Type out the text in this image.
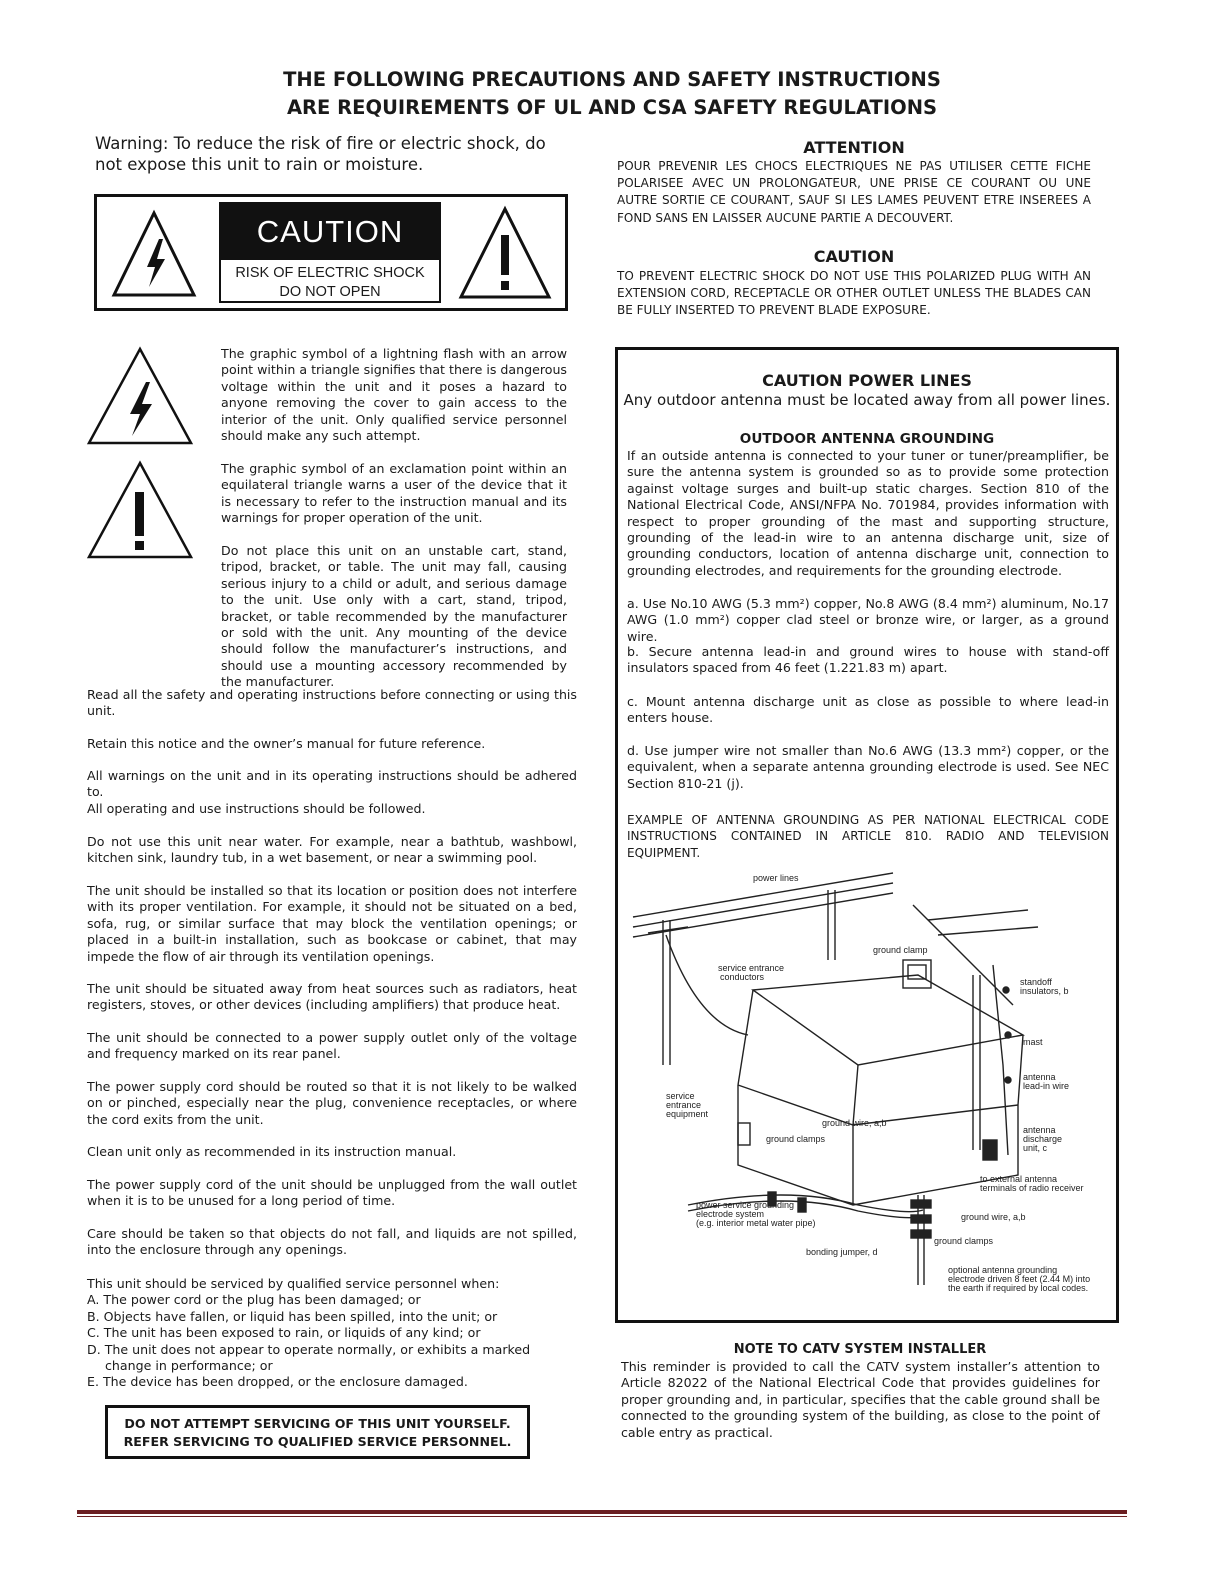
THE FOLLOWING PRECAUTIONS AND SAFETY INSTRUCTIONS
ARE REQUIREMENTS OF UL AND CSA SAFETY REGULATIONS
Warning: To reduce the risk of fire or electric shock, do not expose this unit to rain or moisture.
CAUTION
RISK OF ELECTRIC SHOCK
DO NOT OPEN
The graphic symbol of a lightning flash with an arrow point within a triangle signifies that there is dangerous voltage within the unit and it poses a hazard to anyone removing the cover to gain access to the interior of the unit. Only qualified service personnel should make any such attempt.
The graphic symbol of an exclamation point within an equilateral triangle warns a user of the device that it is necessary to refer to the instruction manual and its warnings for proper operation of the unit.
Do not place this unit on an unstable cart, stand, tripod, bracket, or table. The unit may fall, causing serious injury to a child or adult, and serious damage to the unit. Use only with a cart, stand, tripod, bracket, or table recommended by the manufacturer or sold with the unit. Any mounting of the device should follow the manufacturer’s instructions, and should use a mounting accessory recommended by the manufacturer.
Read all the safety and operating instructions before connecting or using this unit.
Retain this notice and the owner’s manual for future reference.
All warnings on the unit and in its operating instructions should be adhered to.
All operating and use instructions should be followed.
Do not use this unit near water. For example, near a bathtub, washbowl, kitchen sink, laundry tub, in a wet basement, or near a swimming pool.
The unit should be installed so that its location or position does not interfere with its proper ventilation. For example, it should not be situated on a bed, sofa, rug, or similar surface that may block the ventilation openings; or placed in a built-in installation, such as bookcase or cabinet, that may impede the flow of air through its ventilation openings.
The unit should be situated away from heat sources such as radiators, heat registers, stoves, or other devices (including amplifiers) that produce heat.
The unit should be connected to a power supply outlet only of the voltage and frequency marked on its rear panel.
The power supply cord should be routed so that it is not likely to be walked on or pinched, especially near the plug, convenience receptacles, or where the cord exits from the unit.
Clean unit only as recommended in its instruction manual.
The power supply cord of the unit should be unplugged from the wall outlet when it is to be unused for a long period of time.
Care should be taken so that objects do not fall, and liquids are not spilled, into the enclosure through any openings.
This unit should be serviced by qualified service personnel when:
A. The power cord or the plug has been damaged; or
B. Objects have fallen, or liquid has been spilled, into the unit; or
C. The unit has been exposed to rain, or liquids of any kind; or
D. The unit does not appear to operate normally, or exhibits a marked
change in performance; or
E. The device has been dropped, or the enclosure damaged.
DO NOT ATTEMPT SERVICING OF THIS UNIT YOURSELF.
REFER SERVICING TO QUALIFIED SERVICE PERSONNEL.
ATTENTION
POUR PREVENIR LES CHOCS ELECTRIQUES NE PAS UTILISER CETTE FICHE POLARISEE AVEC UN PROLONGATEUR, UNE PRISE CE COURANT OU UNE AUTRE SORTIE CE COURANT, SAUF SI LES LAMES PEUVENT ETRE INSEREES A FOND SANS EN LAISSER AUCUNE PARTIE A DECOUVERT.
CAUTION
TO PREVENT ELECTRIC SHOCK DO NOT USE THIS POLARIZED PLUG WITH AN EXTENSION CORD, RECEPTACLE OR OTHER OUTLET UNLESS THE BLADES CAN BE FULLY INSERTED TO PREVENT BLADE EXPOSURE.
CAUTION POWER LINES
Any outdoor antenna must be located away from all power lines.
OUTDOOR ANTENNA GROUNDING
If an outside antenna is connected to your tuner or tuner/preamplifier, be sure the antenna system is grounded so as to provide some protection against voltage surges and built-up static charges. Section 810 of the National Electrical Code, ANSI/NFPA No. 701984, provides information with respect to proper grounding of the mast and supporting structure, grounding of the lead-in wire to an antenna discharge unit, size of grounding conductors, location of antenna discharge unit, connection to grounding electrodes, and requirements for the grounding electrode.
a. Use No.10 AWG (5.3 mm²) copper, No.8 AWG (8.4 mm²) aluminum, No.17 AWG (1.0 mm²) copper clad steel or bronze wire, or larger, as a ground wire.
b. Secure antenna lead-in and ground wires to house with stand-off insulators spaced from 46 feet (1.221.83 m) apart.
c. Mount antenna discharge unit as close as possible to where lead-in enters house.
d. Use jumper wire not smaller than No.6 AWG (13.3 mm²) copper, or the equivalent, when a separate antenna grounding electrode is used. See NEC Section 810-21 (j).
EXAMPLE OF ANTENNA GROUNDING AS PER NATIONAL ELECTRICAL CODE INSTRUCTIONS CONTAINED IN ARTICLE 810. RADIO AND TELEVISION EQUIPMENT.
power lines
ground clamp
service entrance
conductors	standoff
insulators, b
mast
antenna
lead-in wire
service
entrance
equipment
ground wire, a,b
ground clamps
antenna
discharge
unit, c
to external antenna
terminals of radio receiver
power service grounding
electrode system
(e.g. interior metal water pipe)
ground wire, a,b
ground clamps
bonding jumper, d
optional antenna grounding
electrode driven 8 feet (2.44 M) into
the earth if required by local codes.
NOTE TO CATV SYSTEM INSTALLER
This reminder is provided to call the CATV system installer’s attention to Article 82022 of the National Electrical Code that provides guidelines for proper grounding and, in particular, specifies that the cable ground shall be connected to the grounding system of the building, as close to the point of cable entry as practical.
